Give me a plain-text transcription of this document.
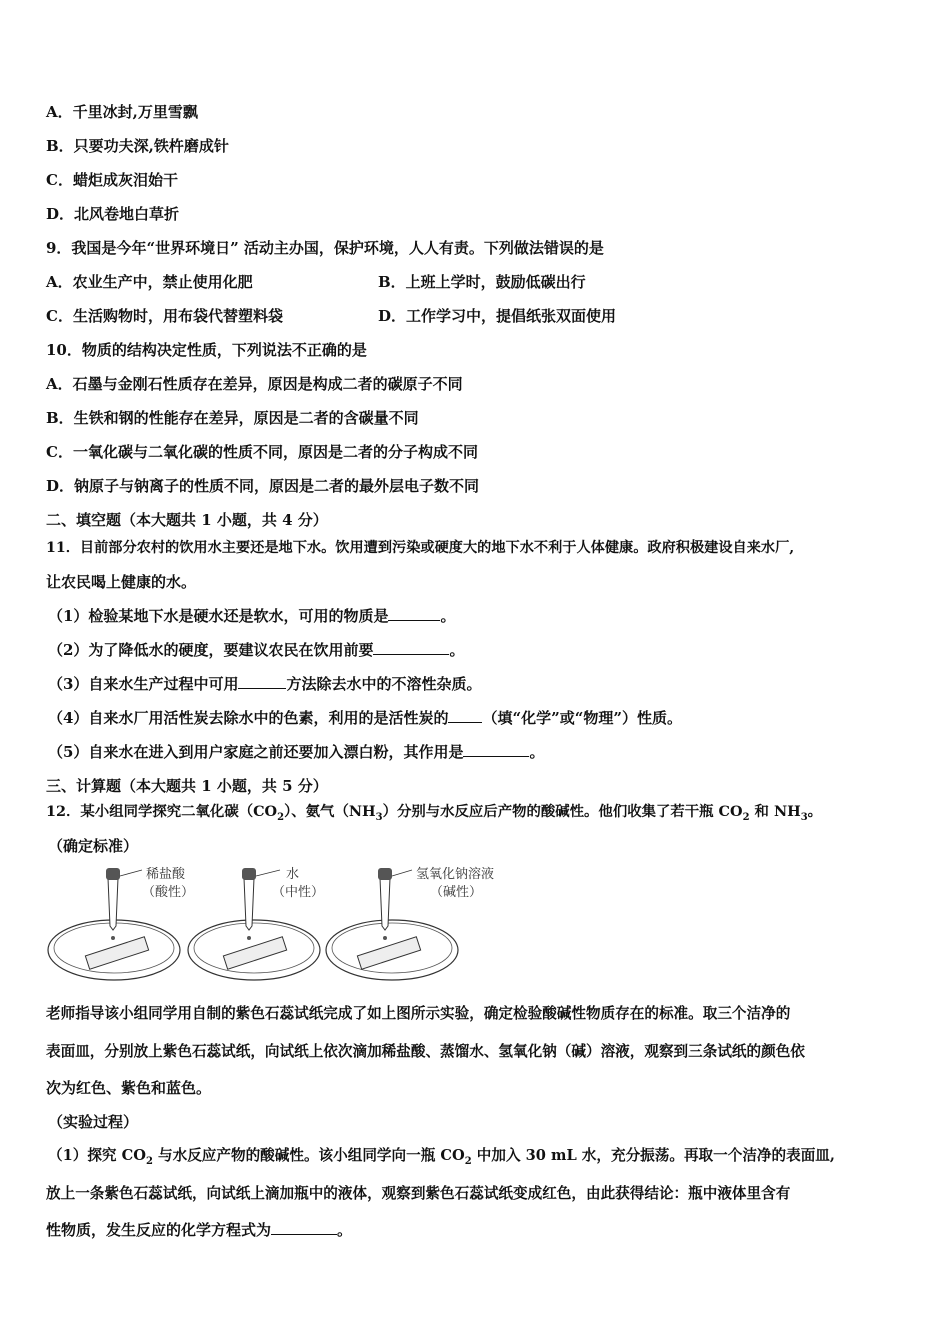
A．千里冰封,万里雪飘
B．只要功夫深,铁杵磨成针
C．蜡炬成灰泪始干
D．北风卷地白草折
9．我国是今年“世界环境日” 活动主办国，保护环境，人人有责。下列做法错误的是
A．农业生产中，禁止使用化肥	B．上班上学时，鼓励低碳出行
C．生活购物时，用布袋代替塑料袋	D．工作学习中，提倡纸张双面使用
10．物质的结构决定性质，下列说法不正确的是
A．石墨与金刚石性质存在差异，原因是构成二者的碳原子不同
B．生铁和钢的性能存在差异，原因是二者的含碳量不同
C．一氧化碳与二氧化碳的性质不同，原因是二者的分子构成不同
D．钠原子与钠离子的性质不同，原因是二者的最外层电子数不同
二、填空题（本大题共 1 小题，共 4 分）
11．目前部分农村的饮用水主要还是地下水。饮用遭到污染或硬度大的地下水不利于人体健康。政府积极建设自来水厂,
让农民喝上健康的水。
（1）检验某地下水是硬水还是软水，可用的物质是	。
（2）为了降低水的硬度，要建议农民在饮用前要	。
（3）自来水生产过程中可用	方法除去水中的不溶性杂质。
（4）自来水厂用活性炭去除水中的色素，利用的是活性炭的 （填“化学”或“物理”）性质。
（5）自来水在进入到用户家庭之前还要加入漂白粉，其作用是	。
三、计算题（本大题共 1 小题，共 5 分）
12．某小组同学探究二氧化碳$(CO_2)$、氨气$(NH_3)$分别与水反应后产物的酸碱性。他们收集了若干瓶 $CO_2$ 和 $NH_3$。
（确定标准）
稀盐酸
（酸性）
水
（中性）
氢氧化钠溶液
（碱性）
老师指导该小组同学用自制的紫色石蕊试纸完成了如上图所示实验，确定检验酸碱性物质存在的标准。取三个洁净的
表面皿，分别放上紫色石蕊试纸，向试纸上依次滴加稀盐酸、蒸馏水、氢氧化钠（碱）溶液，观察到三条试纸的颜色依
次为红色、紫色和蓝色。
（实验过程）
（1）探究 $CO_2$ 与水反应产物的酸碱性。该小组同学向一瓶 $CO_2$ 中加入 30 mL 水，充分振荡。再取一个洁净的表面皿,
放上一条紫色石蕊试纸，向试纸上滴加瓶中的液体，观察到紫色石蕊试纸变成红色，由此获得结论：瓶中液体里含有
性物质，发生反应的化学方程式为	。
